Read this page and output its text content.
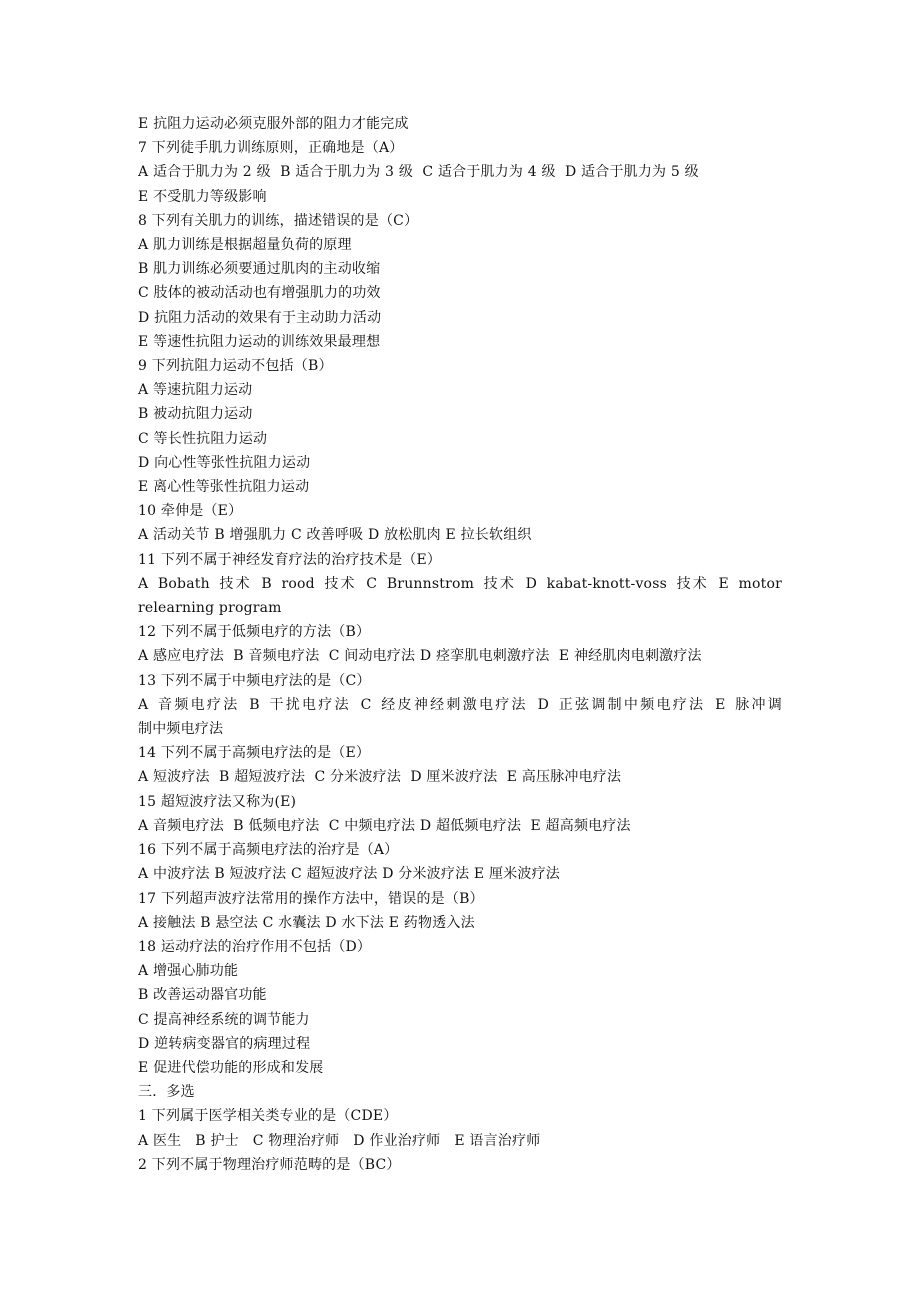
E 抗阻力运动必须克服外部的阻力才能完成
7 下列徒手肌力训练原则，正确地是（A）
A 适合于肌力为 2 级  B 适合于肌力为 3 级  C 适合于肌力为 4 级  D 适合于肌力为 5 级
E 不受肌力等级影响
8 下列有关肌力的训练，描述错误的是（C）
A 肌力训练是根据超量负荷的原理
B 肌力训练必须要通过肌肉的主动收缩
C 肢体的被动活动也有增强肌力的功效
D 抗阻力活动的效果有于主动助力活动
E 等速性抗阻力运动的训练效果最理想
9 下列抗阻力运动不包括（B）
A 等速抗阻力运动
B 被动抗阻力运动
C 等长性抗阻力运动
D 向心性等张性抗阻力运动
E 离心性等张性抗阻力运动
10 牵伸是（E）
A 活动关节 B 增强肌力 C 改善呼吸 D 放松肌肉 E 拉长软组织
11 下列不属于神经发育疗法的治疗技术是（E）
A Bobath 技术 B rood 技术 C Brunnstrom 技术 D kabat-knott-voss 技术 E motor
relearning program
12 下列不属于低频电疗的方法（B）
A 感应电疗法  B 音频电疗法  C 间动电疗法 D 痉挛肌电刺激疗法  E 神经肌肉电刺激疗法
13 下列不属于中频电疗法的是（C）
A 音频电疗法 B 干扰电疗法 C 经皮神经刺激电疗法 D 正弦调制中频电疗法 E 脉冲调
制中频电疗法
14 下列不属于高频电疗法的是（E）
A 短波疗法  B 超短波疗法  C 分米波疗法  D 厘米波疗法  E 高压脉冲电疗法
15 超短波疗法又称为(E)
A 音频电疗法  B 低频电疗法  C 中频电疗法 D 超低频电疗法  E 超高频电疗法
16 下列不属于高频电疗法的治疗是（A）
A 中波疗法 B 短波疗法 C 超短波疗法 D 分米波疗法 E 厘米波疗法
17 下列超声波疗法常用的操作方法中，错误的是（B）
A 接触法 B 悬空法 C 水囊法 D 水下法 E 药物透入法
18 运动疗法的治疗作用不包括（D）
A 增强心肺功能
B 改善运动器官功能
C 提高神经系统的调节能力
D 逆转病变器官的病理过程
E 促进代偿功能的形成和发展
三．多选
1 下列属于医学相关类专业的是（CDE）
A 医生   B 护士   C 物理治疗师   D 作业治疗师   E 语言治疗师
2 下列不属于物理治疗师范畴的是（BC）
